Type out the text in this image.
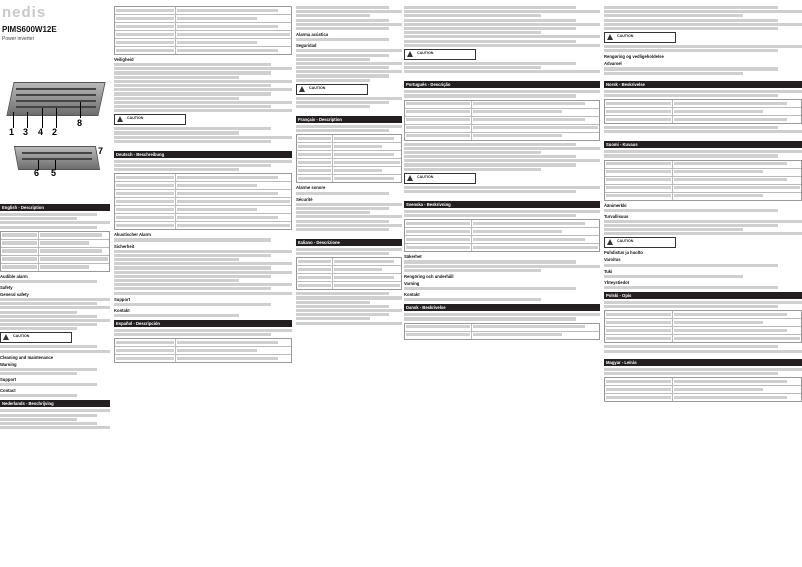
nedis
PIMS600W12E
Power inverter
1 3 4 2
8
7
6 5
English - Description
Audible alarm
Safety
General safety
CAUTION
Cleaning and maintenance
Warning
Support
Contact
Nederlands - Beschrijving
Veiligheid
CAUTION
Deutsch - Beschreibung
Akustischer Alarm
Sicherheit
Support
Kontakt
Español - Descripción
Alarma acústica
Seguridad
CAUTION
Français - Description
Alarme sonore
Sécurité
Italiano - Descrizione
CAUTION
Português - Descrição
CAUTION
Svenska - Beskrivning
Säkerhet
Rengöring och underhåll
Varning
Kontakt
Dansk - Beskrivelse
CAUTION
Rengøring og vedligeholdelse
Advarsel
Norsk - Beskrivelse
Suomi - Kuvaus
Äänimerkki
Turvallisuus
CAUTION
Puhdistus ja huolto
Varoitus
Tuki
Yhteystiedot
Polski - Opis
Magyar - Leírás
